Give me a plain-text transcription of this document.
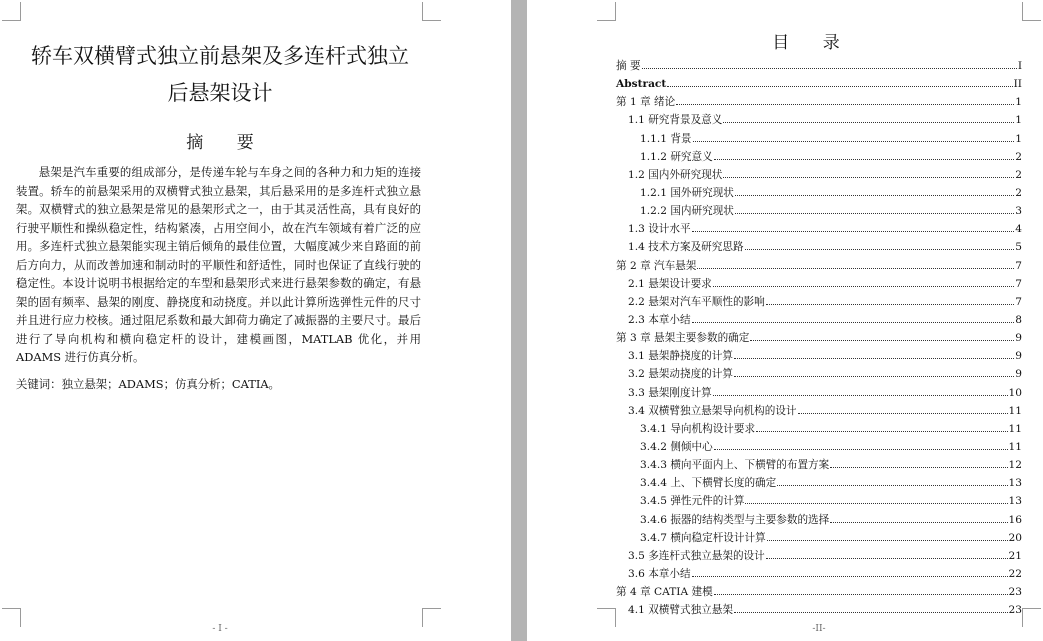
轿车双横臂式独立前悬架及多连杆式独立
后悬架设计
摘 要

悬架是汽车重要的组成部分，是传递车轮与车身之间的各种力和力矩的连接装置。轿车的前悬架采用的双横臂式独立悬架，其后悬采用的是多连杆式独立悬架。双横臂式的独立悬架是常见的悬架形式之一，由于其灵活性高，具有良好的行驶平顺性和操纵稳定性，结构紧凑，占用空间小，故在汽车领域有着广泛的应用。多连杆式独立悬架能实现主销后倾角的最佳位置，大幅度减少来自路面的前后方向力，从而改善加速和制动时的平顺性和舒适性，同时也保证了直线行驶的稳定性。本设计说明书根据给定的车型和悬架形式来进行悬架参数的确定，有悬架的固有频率、悬架的刚度、静挠度和动挠度。并以此计算所选弹性元件的尺寸并且进行应力校核。通过阻尼系数和最大卸荷力确定了减振器的主要尺寸。最后进行了导向机构和横向稳定杆的设计，建模画图，MATLAB 优化，并用 ADAMS 进行仿真分析。

关键词：独立悬架；ADAMS；仿真分析；CATIA。
- I -
目 录
摘 要	I
Abstract	II
第 1 章 绪论	1
1.1 研究背景及意义	1
1.1.1 背景	1
1.1.2 研究意义	2
1.2 国内外研究现状	2
1.2.1 国外研究现状	2
1.2.2 国内研究现状	3
1.3 设计水平	4
1.4 技术方案及研究思路	5
第 2 章 汽车悬架	7
2.1 悬架设计要求	7
2.2 悬架对汽车平顺性的影响	7
2.3 本章小结	8
第 3 章 悬架主要参数的确定	9
3.1 悬架静挠度的计算	9
3.2 悬架动挠度的计算	9
3.3 悬架刚度计算	10
3.4 双横臂独立悬架导向机构的设计	11
3.4.1 导向机构设计要求	11
3.4.2 侧倾中心	11
3.4.3 横向平面内上、下横臂的布置方案	12
3.4.4 上、下横臂长度的确定	13
3.4.5 弹性元件的计算	13
3.4.6 振器的结构类型与主要参数的选择	16
3.4.7 横向稳定杆设计计算	20
3.5 多连杆式独立悬架的设计	21
3.6 本章小结	22
第 4 章 CATIA 建模	23
4.1 双横臂式独立悬架	23
-II-
